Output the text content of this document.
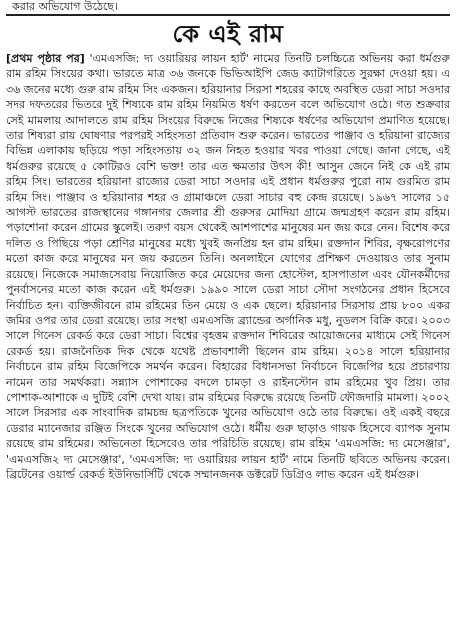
করার অভিযোগ উঠেছে।
কে এই রাম
[প্রথম পৃষ্ঠার পর] 'এমএসজি: দ্য ওয়ারিয়র লায়ন হার্ট' নামের তিনটি চলচ্চিত্রে অভিনয় করা ধর্মগুরু রাম রহিম সিংয়ের কথা। ভারতে মাত্র ৩৬ জনকে ভিভিআইপি জেড ক্যাটাগরিতে সুরক্ষা দেওয়া হয়। এ ৩৬ জনের মধ্যে গুরু রাম রহিম সিং একজন। হরিয়ানার সিরসা শহরের কাছে অবস্থিত ডেরা সাচা সওদার সদর দফতরের ভিতরে দুই শিষ্যকে রাম রহিম নিয়মিত ধর্ষণ করতেন বলে অভিযোগ ওঠে। গত শুক্রবার সেই মামলায় আদালতে রাম রহিম সিংয়ের বিরুদ্ধে নিজের শিষ্যকে ধর্ষণের অভিযোগ প্রমাণিত হয়েছে। তার শিষ্যরা রায় ঘোষণার পরপরই সহিংসতা প্রতিবাদ শুরু করেন। ভারতের পাঞ্জাব ও হরিয়ানা রাজ্যের বিভিন্ন এলাকায় ছড়িয়ে পড়া সহিংসতায় ৩২ জন নিহত হওয়ার খবর পাওয়া গেছে। জানা গেছে, এই ধর্মগুরুর রয়েছে ৫ কোটিরও বেশি ভক্ত! তার এত ক্ষমতার উৎস কী! আসুন জেনে নিই কে এই রাম রহিম সিং। ভারতের হরিয়ানা রাজ্যের ডেরা সাচা সওদার এই প্রধান ধর্মগুরুর পুরো নাম গুরমিত রাম রহিম সিং। পাঞ্জাব ও হরিয়ানার শহর ও গ্রামাঞ্চলে ডেরা সাচার বহু কেন্দ্র রয়েছে। ১৯৬৭ সালের ১৫ আগস্ট ভারতের রাজস্থানের গঙ্গানগর জেলার শ্রী গুরুসর মোদিয়া গ্রামে জন্মগ্রহণ করেন রাম রহিম। পড়াশোনা করেন গ্রামের স্কুলেই। তরুণ বয়স থেকেই আশপাশের মানুষের মন জয় করে নেন। বিশেষ করে দলিত ও পিছিয়ে পড়া শ্রেণির মানুষের মধ্যে খুবই জনপ্রিয় হন রাম রহিম। রক্তদান শিবির, বৃক্ষরোপণের মতো কাজ করে মানুষের মন জয় করতেন তিনি। অনলাইনে যোগের প্রশিক্ষণ দেওয়ায়ও তার সুনাম রয়েছে। নিজেকে সমাজসেবায় নিয়োজিত করে মেয়েদের জন্য হোস্টেল, হাসপাতাল এবং যৌনকর্মীদের পুনর্বাসনের মতো কাজ করেন এই ধর্মগুরু। ১৯৯০ সালে ডেরা সাচা সৌদা সংগঠনের প্রধান হিসেবে নির্বাচিত হন। ব্যক্তিজীবনে রাম রহিমের তিন মেয়ে ও এক ছেলে। হরিয়ানার সিরসায় প্রায় ৮০০ একর জমির ওপর তার ডেরা রয়েছে। তার সংস্থা এমএসজি ব্র্যান্ডের অর্গানিক মধু, নুডলস বিক্রি করে। ২০০৩ সালে গিনেস রেকর্ড করে ডেরা সাচা। বিশ্বের বৃহত্তম রক্তদান শিবিরের আয়োজনের মাধ্যমে সেই গিনেস রেকর্ড হয়। রাজনৈতিক দিক থেকে যথেষ্ট প্রভাবশালী ছিলেন রাম রহিম। ২০১৪ সালে হরিয়ানার নির্বাচনে রাম রহিম বিজেপিকে সমর্থন করেন। বিহারের বিধানসভা নির্বাচনে বিজেপির হয়ে প্রচারণায় নামেন তার সমর্থকরা। সন্ন্যাস পোশাকের বদলে চামড়া ও রাইনস্টোন রাম রহিমের খুব প্রিয়। তার পোশাক-আশাকে এ দুটিই বেশি দেখা যায়। রাম রহিমের বিরুদ্ধে রয়েছে তিনটি ফৌজদারি মামলা। ২০০২ সালে সিরসার এক সাংবাদিক রামচন্দ্র ছত্রপতিকে খুনের অভিযোগ ওঠে তার বিরুদ্ধে। ওই একই বছরে ডেরার ম্যানেজার রঞ্জিত সিংকে খুনের অভিযোগ ওঠে। ধর্মীয় গুরু ছাড়াও গায়ক হিসেবে ব্যাপক সুনাম রয়েছে রাম রহিমের। অভিনেতা হিসেবেও তার পরিচিতি রয়েছে। রাম রহিম 'এমএসজি: দ্য মেসেঞ্জার', 'এমএসজি২ দ্য মেসেঞ্জার', 'এমএসজি: দ্য ওয়ারিয়র লায়ন হার্ট' নামে তিনটি ছবিতে অভিনয় করেন। ব্রিটেনের ওয়ার্ল্ড রেকর্ড ইউনিভার্সিটি থেকে সম্মানজনক ডক্টরেট ডিগ্রিও লাভ করেন এই ধর্মগুরু।
